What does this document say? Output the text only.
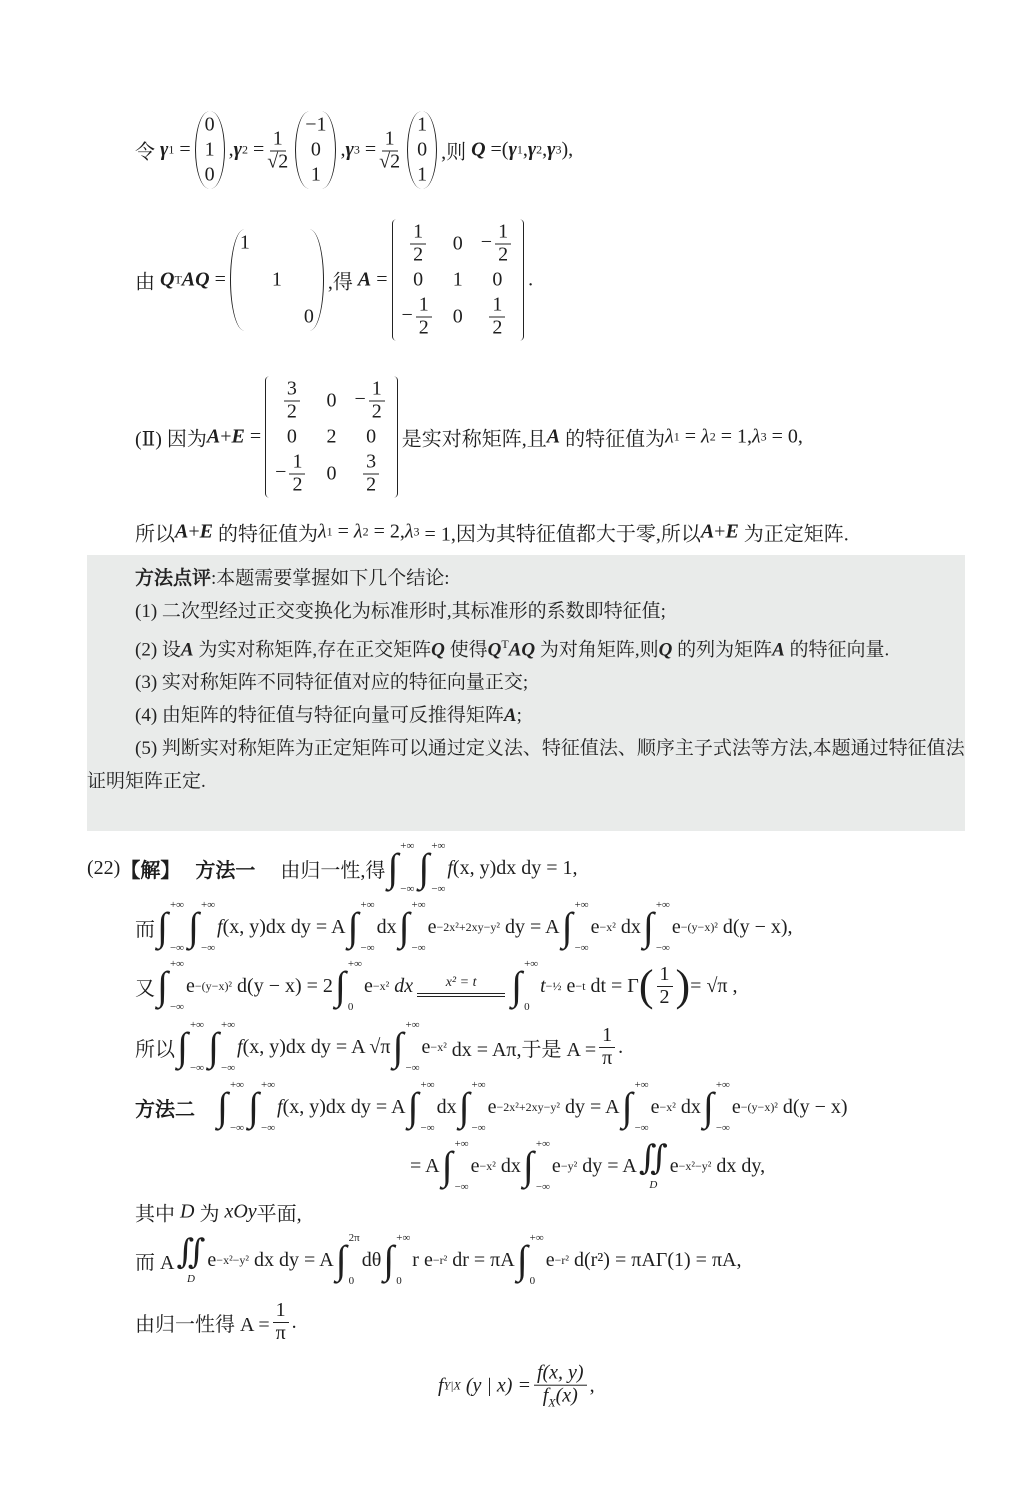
令
γ 1
=
0
1
0
, γ 2
= $\frac{1}{√2}$
−1
0
1
, γ 3
= $\frac{1}{√2}$
1
0
1
,则
Q
=( γ 1 , γ 2 , γ 3 ),
由
Q T AQ
=
1
1
0
,得
A
=
$\frac{1}{2} 0 - \frac{1}{2}$
0 1 0
− $\frac{1}{2} 0 \frac{1}{2}$
.
(Ⅱ) 因为 A + E
=
$\frac{3}{2} 0 - \frac{1}{2}$
0 2 0
− $\frac{1}{2} 0 \frac{3}{2}$
是实对称矩阵,且 A
的特征值为 λ 1
=
λ 2
= 1, λ 3
= 0,
所以 A + E
的特征值为 λ 1
=
λ 2
= 2, λ 3
= 1,因为其特征值都大于零,所以 A + E
为正定矩阵.

方法点评:本题需要掌握如下几个结论:

(1) 二次型经过正交变换化为标准形时,其标准形的系数即特征值;

(2) 设A 为实对称矩阵,存在正交矩阵Q 使得$Q^TAQ$ 为对角矩阵,则Q 的列为矩阵A 的特征向量.

(3) 实对称矩阵不同特征值对应的特征向量正交;

(4) 由矩阵的特征值与特征向量可反推得矩阵A;

(5) 判断实对称矩阵为正定矩阵可以通过定义法、特征值法、顺序主子式法等方法,本题通过特征值法证明矩阵正定.

(22) 【解】
方法一
由归一性,得 ∫ +∞
−∞ ∫ +∞
−∞
f (x, y)dx dy = 1,
而 ∫ +∞
−∞ ∫ +∞
−∞
f (x, y)dx dy = A ∫ +∞
−∞
dx ∫ +∞
−∞
e −2x²+2xy−y²
dy = A ∫ +∞
−∞
e −x²
dx ∫ +∞
−∞
e −(y−x)²
d(y − x),
又 ∫ +∞
−∞
e −(y−x)²
d(y − x) = 2 ∫ +∞
0
e −x²
dx x² = t ∫ +∞
0
t −½
e −t
dt = Γ ( $\frac{1}{2}$ ) = √π ,
所以 ∫ +∞
−∞ ∫ +∞
−∞
f (x, y)dx dy = A √π ∫ +∞
−∞
e −x²
dx = Aπ,于是 $A = \frac{1}{\pi}$ .
方法二
∫ +∞
−∞ ∫ +∞
−∞
f (x, y)dx dy = A ∫ +∞
−∞
dx ∫ +∞
−∞
e −2x²+2xy−y²
dy = A ∫ +∞
−∞
e −x²
dx ∫ +∞
−∞
e −(y−x)²
d(y − x)
= A ∫ +∞
−∞
e −x²
dx ∫ +∞
−∞
e −y²
dy = A ∬
D
e −x²−y²
dx dy,
其中
D
为
xOy 平面,
而 A ∬
D
e −x²−y²
dx dy = A ∫ 2π
0
dθ ∫ +∞
0
r e −r²
dr = πA ∫ +∞
0
e −r²
d(r²) = πAΓ(1) = πA,
由归一性得 $A = \frac{1}{\pi}$ .
f Y|X
(y | $x) = \frac{f(x, y)}{f_X(x)}$ ,
